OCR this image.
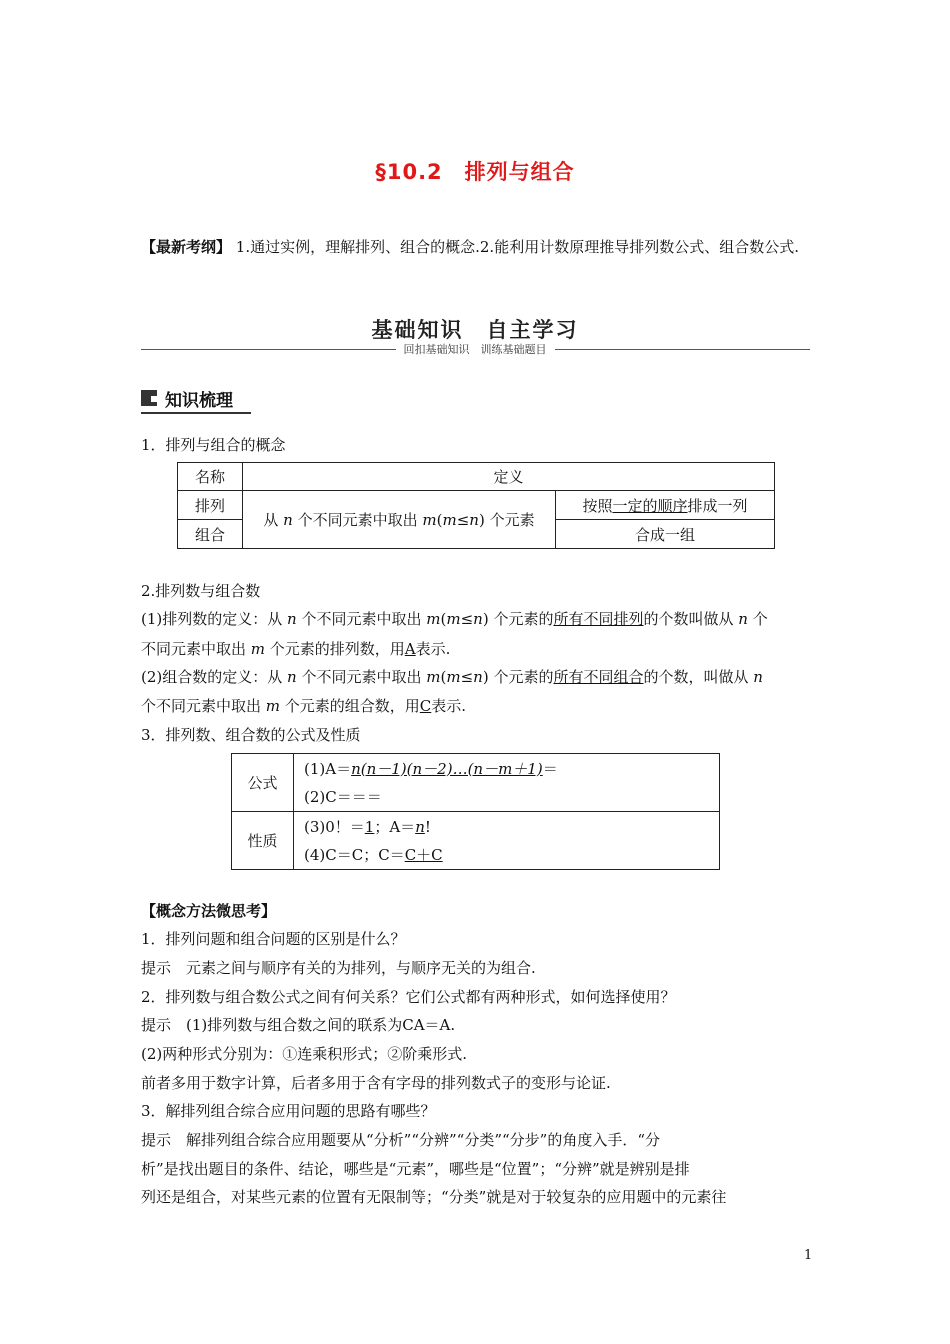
§10.2　排列与组合
【最新考纲】 1.通过实例，理解排列、组合的概念.2.能利用计数原理推导排列数公式、组合数公式.
基础知识　自主学习
回扣基础知识　训练基础题目
知识梳理
1．排列与组合的概念
名称	定义	
排列	从 n 个不同元素中取出 m(m≤n) 个元素	按照一定的顺序排成一列
组合		合成一组
2.排列数与组合数
(1)排列数的定义：从 n 个不同元素中取出 m(m≤n) 个元素的所有不同排列的个数叫做从 n 个
不同元素中取出 m 个元素的排列数，用A表示.
(2)组合数的定义：从 n 个不同元素中取出 m(m≤n) 个元素的所有不同组合的个数，叫做从 n
个不同元素中取出 m 个元素的组合数，用C表示.
3．排列数、组合数的公式及性质
公式	(1)A＝n(n－1)(n－2)…(n－m＋1)＝
(2)C＝＝＝

性质	(3)0！＝1；A＝n!
(4)C＝C；C＝C＋C
【概念方法微思考】
1．排列问题和组合问题的区别是什么？
提示　元素之间与顺序有关的为排列，与顺序无关的为组合.
2．排列数与组合数公式之间有何关系？它们公式都有两种形式，如何选择使用？
提示　(1)排列数与组合数之间的联系为CA＝A.
(2)两种形式分别为：①连乘积形式；②阶乘形式.
前者多用于数字计算，后者多用于含有字母的排列数式子的变形与论证.
3．解排列组合综合应用问题的思路有哪些？
提示　解排列组合综合应用题要从“分析”“分辨”“分类”“分步”的角度入手．“分
析”是找出题目的条件、结论，哪些是“元素”，哪些是“位置”；“分辨”就是辨别是排
列还是组合，对某些元素的位置有无限制等；“分类”就是对于较复杂的应用题中的元素往
1
